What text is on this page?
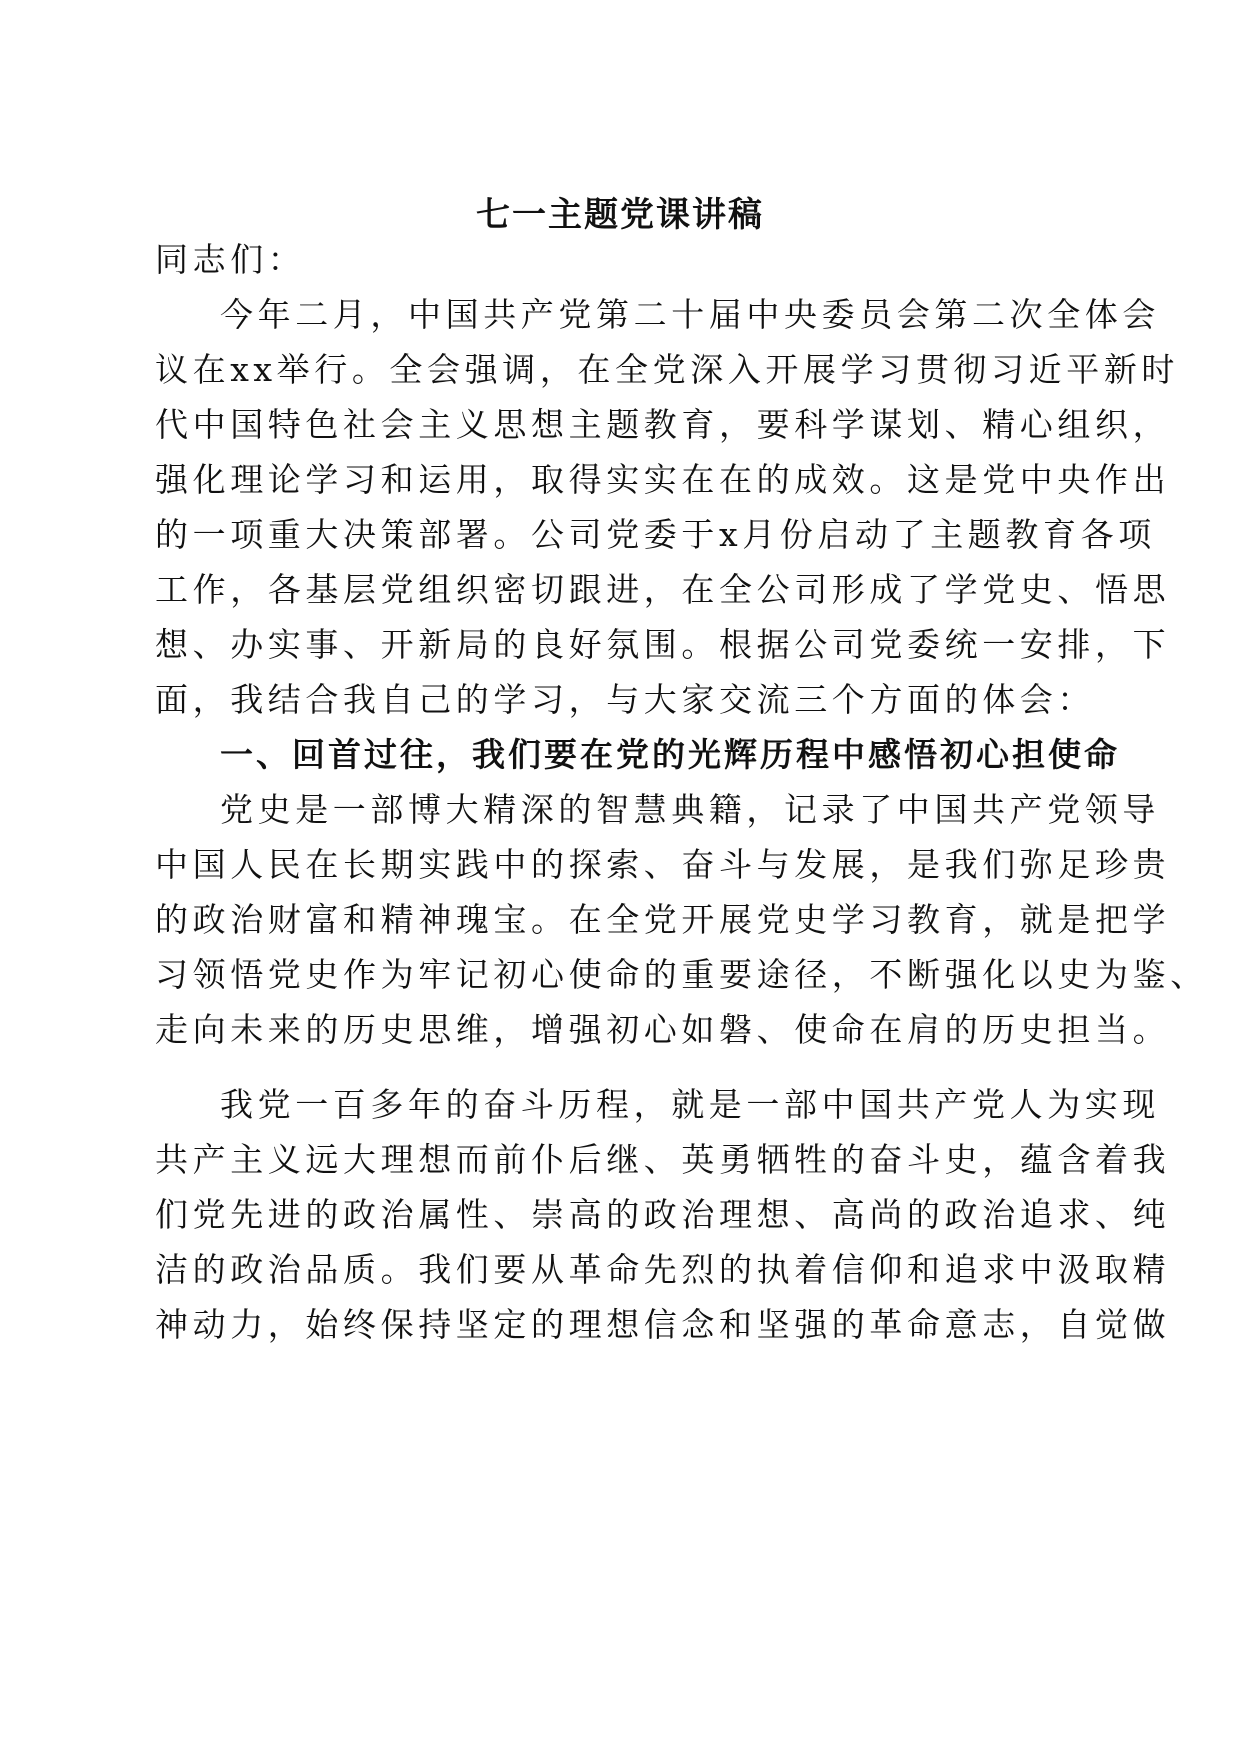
七一主题党课讲稿
同志们：
今年二月，中国共产党第二十届中央委员会第二次全体会
议在xx举行。全会强调，在全党深入开展学习贯彻习近平新时
代中国特色社会主义思想主题教育，要科学谋划、精心组织，
强化理论学习和运用，取得实实在在的成效。这是党中央作出
的一项重大决策部署。公司党委于x月份启动了主题教育各项
工作，各基层党组织密切跟进，在全公司形成了学党史、悟思
想、办实事、开新局的良好氛围。根据公司党委统一安排，下
面，我结合我自己的学习，与大家交流三个方面的体会：
一、回首过往，我们要在党的光辉历程中感悟初心担使命
党史是一部博大精深的智慧典籍，记录了中国共产党领导
中国人民在长期实践中的探索、奋斗与发展，是我们弥足珍贵
的政治财富和精神瑰宝。在全党开展党史学习教育，就是把学
习领悟党史作为牢记初心使命的重要途径，不断强化以史为鉴、
走向未来的历史思维，增强初心如磐、使命在肩的历史担当。
我党一百多年的奋斗历程，就是一部中国共产党人为实现
共产主义远大理想而前仆后继、英勇牺牲的奋斗史，蕴含着我
们党先进的政治属性、崇高的政治理想、高尚的政治追求、纯
洁的政治品质。我们要从革命先烈的执着信仰和追求中汲取精
神动力，始终保持坚定的理想信念和坚强的革命意志，自觉做
